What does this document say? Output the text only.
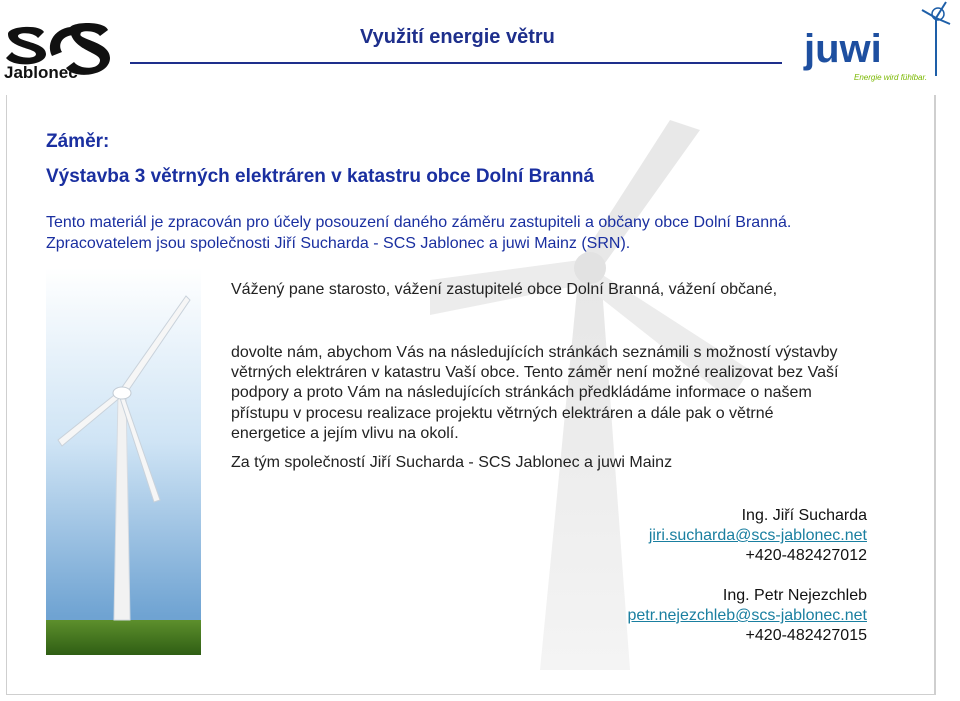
Jablonec
Využití energie větru	juwi
Energie wird fühlbar.
Záměr:
Výstavba 3 větrných elektráren v katastru obce Dolní Branná
Tento materiál je zpracován pro účely posouzení daného záměru zastupiteli a občany obce Dolní Branná.
Zpracovatelem jsou společnosti Jiří Sucharda - SCS Jablonec a juwi Mainz (SRN).
Vážený pane starosto, vážení zastupitelé obce Dolní Branná, vážení občané,
dovolte nám, abychom Vás na následujících stránkách seznámili s možností výstavby větrných elektráren v katastru Vaší obce. Tento záměr není možné realizovat bez Vaší podpory a proto Vám na následujících stránkách předkládáme informace o našem přístupu v procesu realizace projektu větrných elektráren a dále pak o větrné energetice a jejím vlivu na okolí.
Za tým společností Jiří Sucharda - SCS Jablonec a juwi Mainz
Ing. Jiří Sucharda
jiri.sucharda@scs-jablonec.net
+420-482427012
Ing. Petr Nejezchleb
petr.nejezchleb@scs-jablonec.net
+420-482427015
